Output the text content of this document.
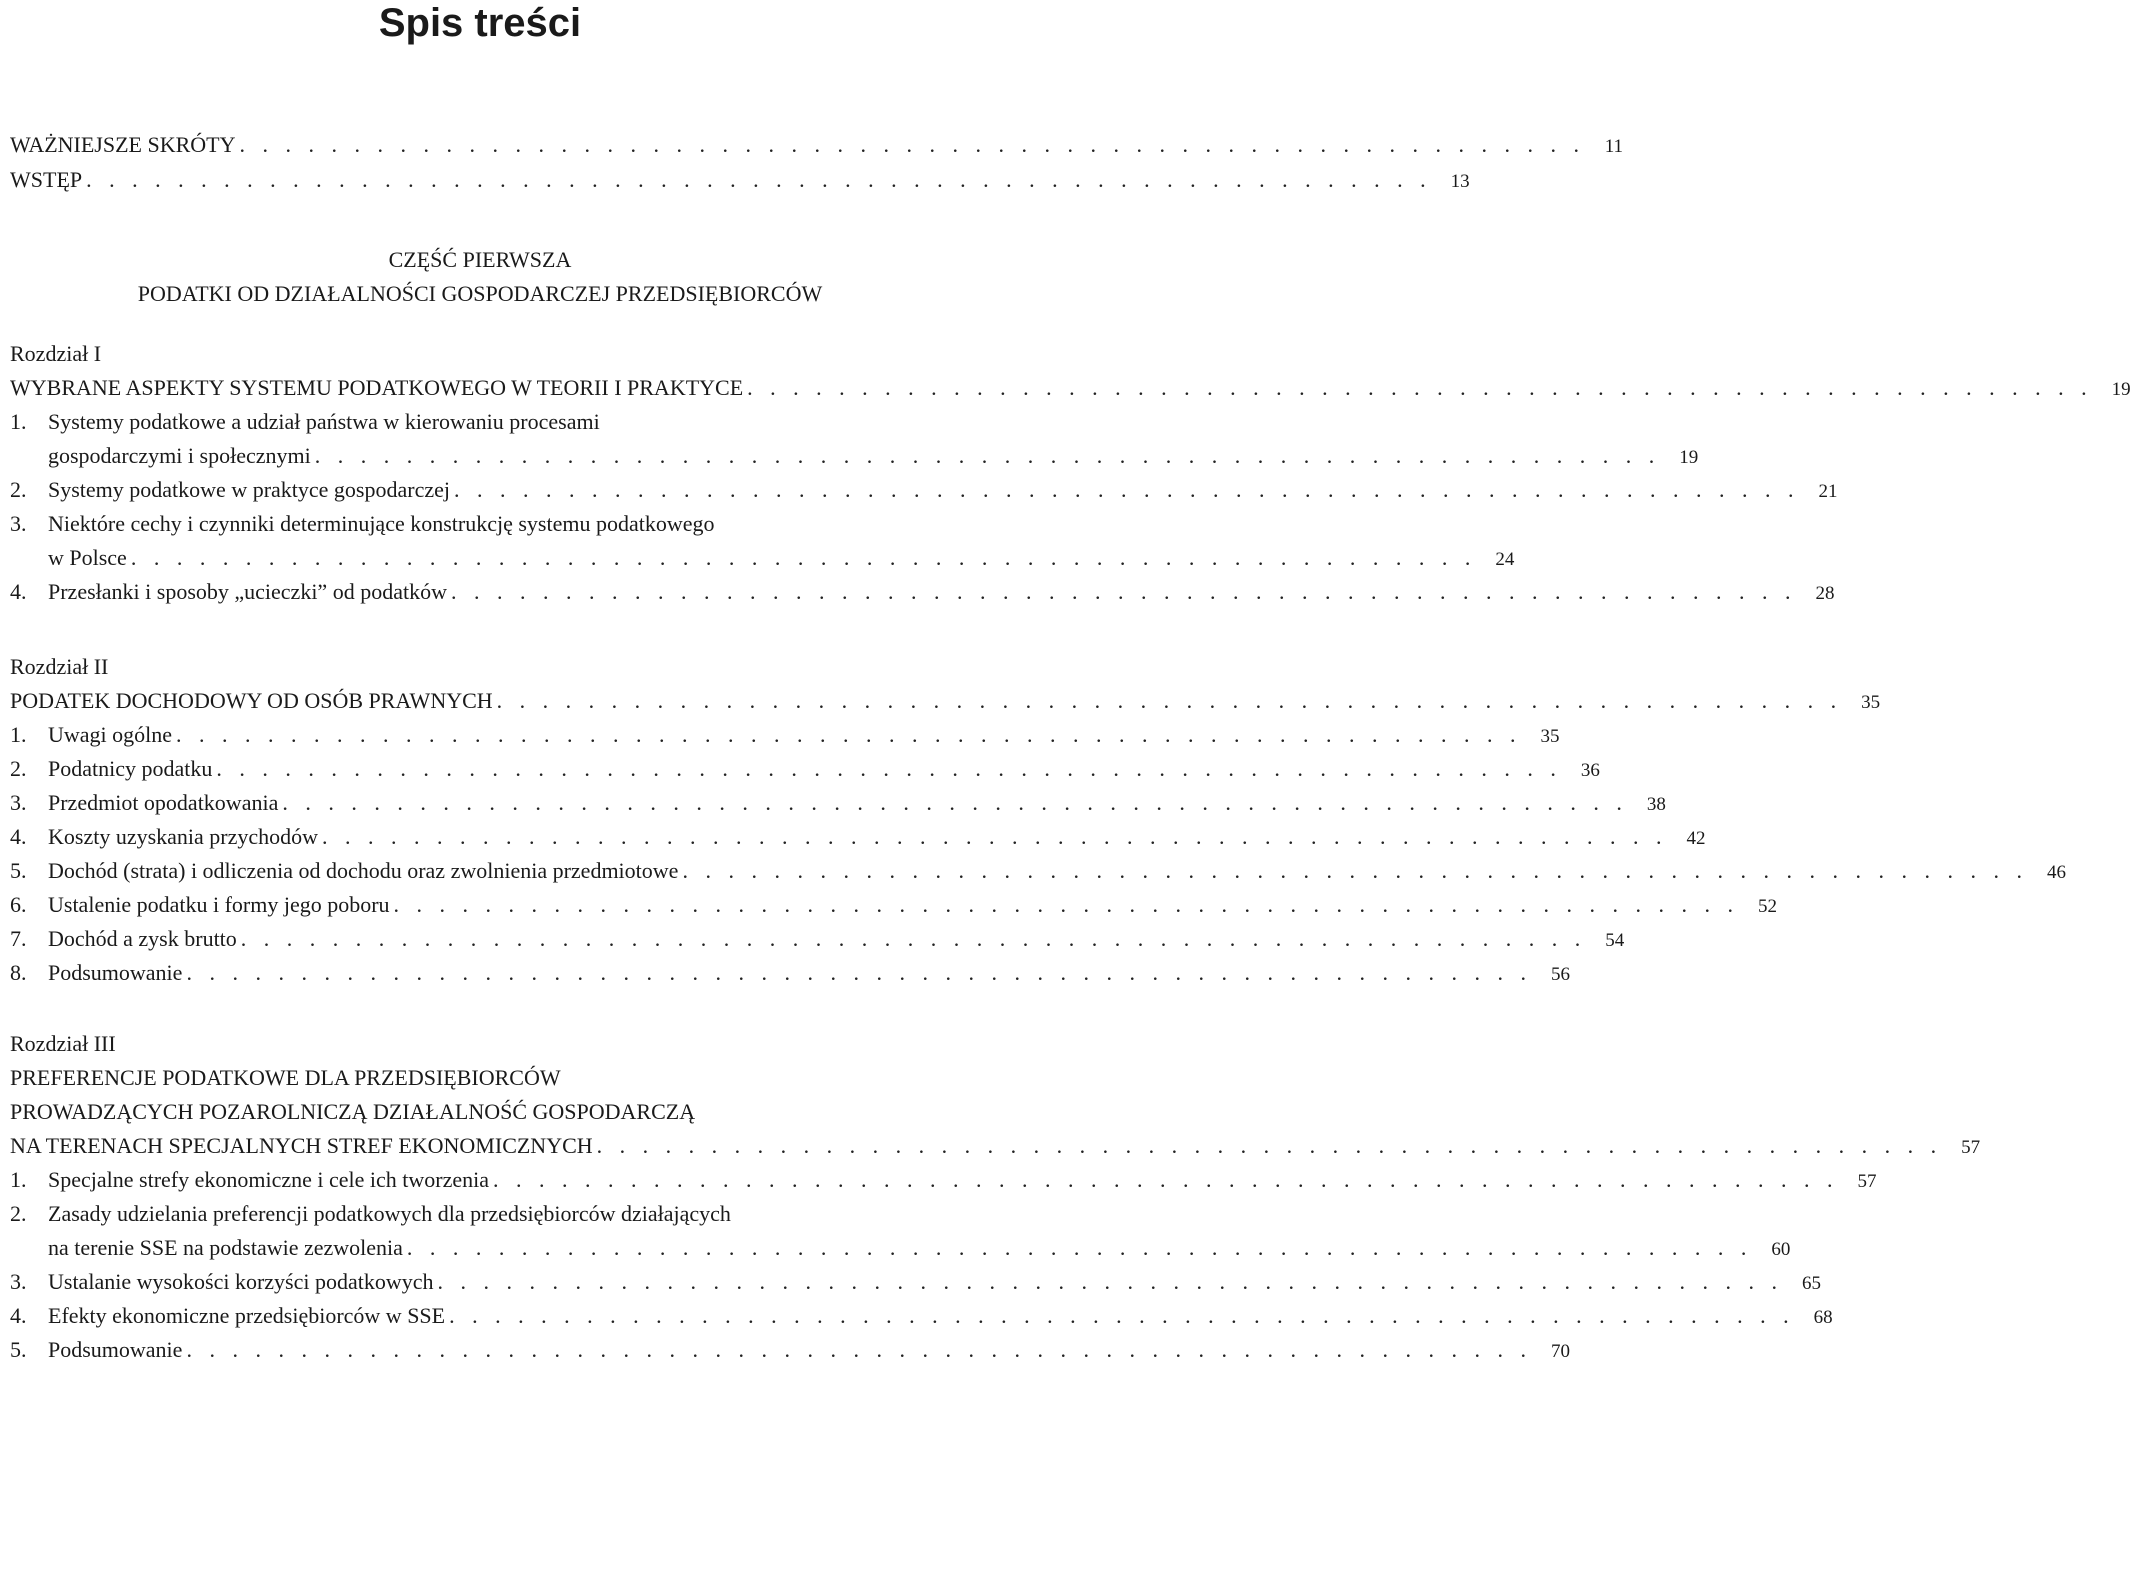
Spis treści
WAŻNIEJSZE SKRÓTY . . . . . . . . . . . . . . . . . . . . . . . . . . . . . . . . . . . . . . . . . . . . . . . . . . . . . . . . . . .	11
WSTĘP . . . . . . . . . . . . . . . . . . . . . . . . . . . . . . . . . . . . . . . . . . . . . . . . . . . . . . . . . . .	13
CZĘŚĆ PIERWSZA
PODATKI OD DZIAŁALNOŚCI GOSPODARCZEJ PRZEDSIĘBIORCÓW
Rozdział I
WYBRANE ASPEKTY SYSTEMU PODATKOWEGO W TEORII I PRAKTYCE . . . . . . . . . . . . . . . . . . . . . . . . . . . . . . . . . . . . . . . . . . . . . . . . . . . . . . . . . . .	19
1. Systemy podatkowe a udział państwa w kierowaniu procesami
gospodarczymi i społecznymi . . . . . . . . . . . . . . . . . . . . . . . . . . . . . . . . . . . . . . . . . . . . . . . . . . . . . . . . . . .	19
2. Systemy podatkowe w praktyce gospodarczej . . . . . . . . . . . . . . . . . . . . . . . . . . . . . . . . . . . . . . . . . . . . . . . . . . . . . . . . . . .	21
3. Niektóre cechy i czynniki determinujące konstrukcję systemu podatkowego
w Polsce . . . . . . . . . . . . . . . . . . . . . . . . . . . . . . . . . . . . . . . . . . . . . . . . . . . . . . . . . . .	24
4. Przesłanki i sposoby „ucieczki” od podatków . . . . . . . . . . . . . . . . . . . . . . . . . . . . . . . . . . . . . . . . . . . . . . . . . . . . . . . . . . .	28
Rozdział II
PODATEK DOCHODOWY OD OSÓB PRAWNYCH . . . . . . . . . . . . . . . . . . . . . . . . . . . . . . . . . . . . . . . . . . . . . . . . . . . . . . . . . . .	35
1. Uwagi ogólne . . . . . . . . . . . . . . . . . . . . . . . . . . . . . . . . . . . . . . . . . . . . . . . . . . . . . . . . . . .	35
2. Podatnicy podatku . . . . . . . . . . . . . . . . . . . . . . . . . . . . . . . . . . . . . . . . . . . . . . . . . . . . . . . . . . .	36
3. Przedmiot opodatkowania . . . . . . . . . . . . . . . . . . . . . . . . . . . . . . . . . . . . . . . . . . . . . . . . . . . . . . . . . . .	38
4. Koszty uzyskania przychodów . . . . . . . . . . . . . . . . . . . . . . . . . . . . . . . . . . . . . . . . . . . . . . . . . . . . . . . . . . .	42
5. Dochód (strata) i odliczenia od dochodu oraz zwolnienia przedmiotowe . . . . . . . . . . . . . . . . . . . . . . . . . . . . . . . . . . . . . . . . . . . . . . . . . . . . . . . . . . .	46
6. Ustalenie podatku i formy jego poboru . . . . . . . . . . . . . . . . . . . . . . . . . . . . . . . . . . . . . . . . . . . . . . . . . . . . . . . . . . .	52
7. Dochód a zysk brutto . . . . . . . . . . . . . . . . . . . . . . . . . . . . . . . . . . . . . . . . . . . . . . . . . . . . . . . . . . .	54
8. Podsumowanie . . . . . . . . . . . . . . . . . . . . . . . . . . . . . . . . . . . . . . . . . . . . . . . . . . . . . . . . . . .	56
Rozdział III
PREFERENCJE PODATKOWE DLA PRZEDSIĘBIORCÓW
PROWADZĄCYCH POZAROLNICZĄ DZIAŁALNOŚĆ GOSPODARCZĄ
NA TERENACH SPECJALNYCH STREF EKONOMICZNYCH . . . . . . . . . . . . . . . . . . . . . . . . . . . . . . . . . . . . . . . . . . . . . . . . . . . . . . . . . . .	57
1. Specjalne strefy ekonomiczne i cele ich tworzenia . . . . . . . . . . . . . . . . . . . . . . . . . . . . . . . . . . . . . . . . . . . . . . . . . . . . . . . . . . .	57
2. Zasady udzielania preferencji podatkowych dla przedsiębiorców działających
na terenie SSE na podstawie zezwolenia . . . . . . . . . . . . . . . . . . . . . . . . . . . . . . . . . . . . . . . . . . . . . . . . . . . . . . . . . . .	60
3. Ustalanie wysokości korzyści podatkowych . . . . . . . . . . . . . . . . . . . . . . . . . . . . . . . . . . . . . . . . . . . . . . . . . . . . . . . . . . .	65
4. Efekty ekonomiczne przedsiębiorców w SSE . . . . . . . . . . . . . . . . . . . . . . . . . . . . . . . . . . . . . . . . . . . . . . . . . . . . . . . . . . .	68
5. Podsumowanie . . . . . . . . . . . . . . . . . . . . . . . . . . . . . . . . . . . . . . . . . . . . . . . . . . . . . . . . . . .	70
